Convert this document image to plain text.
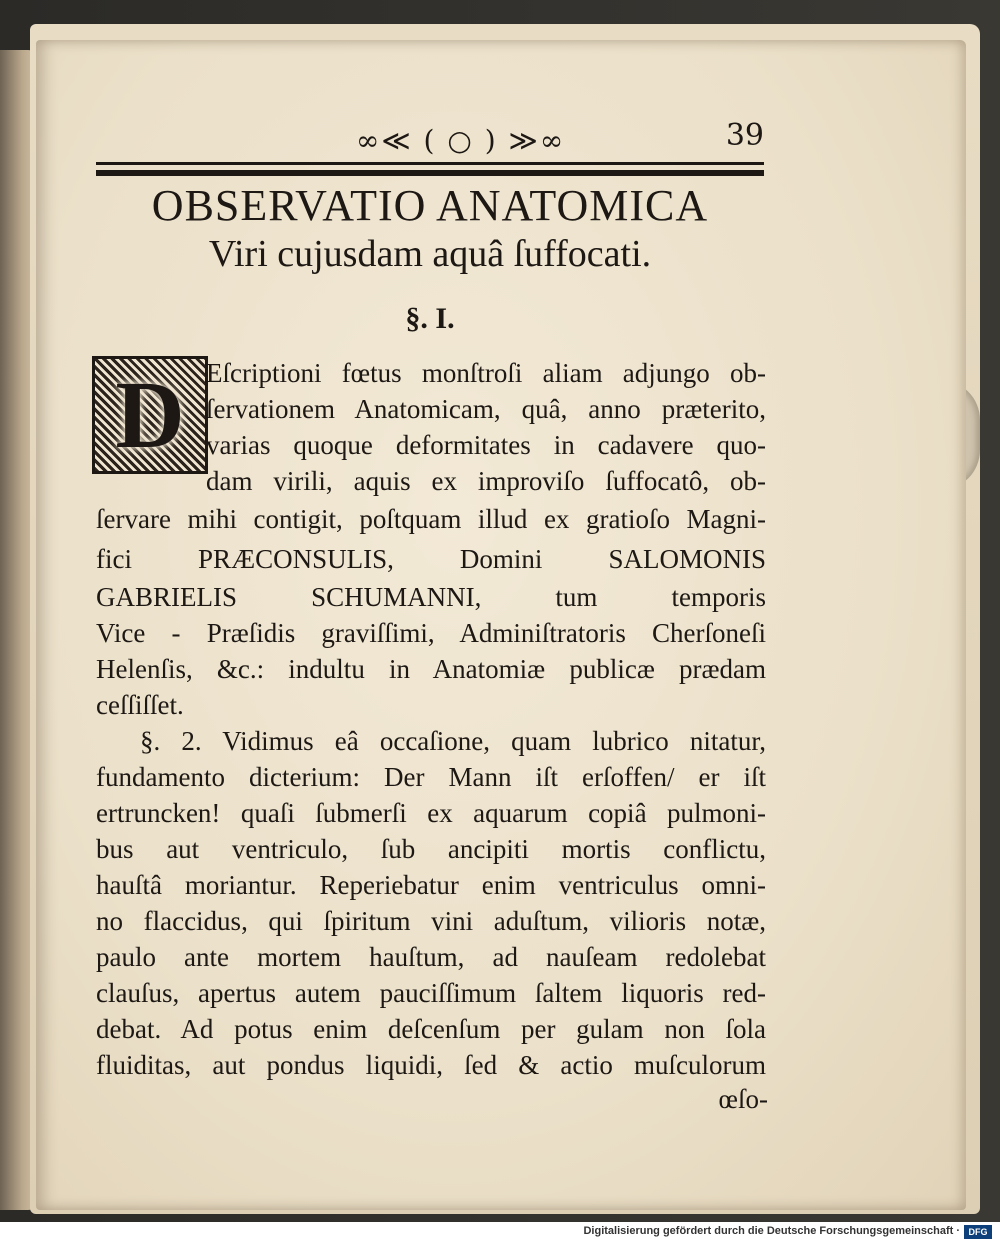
∞≪ ( ○ ) ≫∞	39
OBSERVATIO ANATOMICA
Viri cujusdam aquâ ſuffocati.
§. I.
D Eſcriptioni fœtus monſtroſi aliam adjungo ob-
ſervationem Anatomicam, quâ, anno præterito,
varias quoque deformitates in cadavere quo-
dam virili, aquis ex improviſo ſuffocatô, ob-
ſervare mihi contigit, poſtquam illud ex gratioſo Magni-
fici PRÆCONSULIS, Domini SALOMONIS
GABRIELIS SCHUMANNI, tum temporis
Vice - Præſidis graviſſimi, Adminiſtratoris Cherſoneſi
Helenſis, &c.: indultu in Anatomiæ publicæ prædam
ceſſiſſet.
§. 2. Vidimus eâ occaſione, quam lubrico nitatur,
fundamento dicterium: Der Mann iſt erſoffen/ er iſt
ertruncken! quaſi ſubmerſi ex aquarum copiâ pulmoni-
bus aut ventriculo, ſub ancipiti mortis conflictu,
hauſtâ moriantur. Reperiebatur enim ventriculus omni-
no flaccidus, qui ſpiritum vini aduſtum, vilioris notæ,
paulo ante mortem hauſtum, ad nauſeam redolebat
clauſus, apertus autem pauciſſimum ſaltem liquoris red-
debat. Ad potus enim deſcenſum per gulam non ſola
fluiditas, aut pondus liquidi, ſed & actio muſculorum
œſo-
Digitalisierung gefördert durch die Deutsche Forschungsgemeinschaft · DFG
